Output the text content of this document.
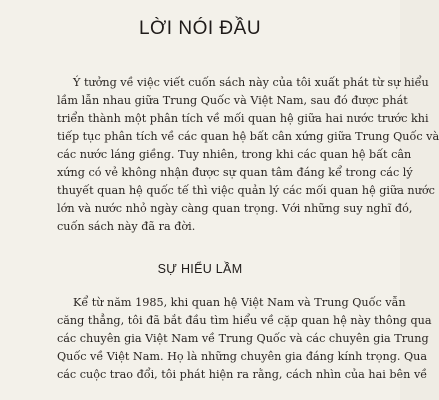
LỜI NÓI ĐẦU
Ý tưởng về việc viết cuốn sách này của tôi xuất phát từ sự hiểu
lầm lẫn nhau giữa Trung Quốc và Việt Nam, sau đó được phát
triển thành một phân tích về mối quan hệ giữa hai nước trước khi
tiếp tục phân tích về các quan hệ bất cân xứng giữa Trung Quốc và
các nước láng giềng. Tuy nhiên, trong khi các quan hệ bất cân
xứng có vẻ không nhận được sự quan tâm đáng kể trong các lý
thuyết quan hệ quốc tế thì việc quản lý các mối quan hệ giữa nước
lớn và nước nhỏ ngày càng quan trọng. Với những suy nghĩ đó,
cuốn sách này đã ra đời.
SỰ HIỂU LẦM
Kể từ năm 1985, khi quan hệ Việt Nam và Trung Quốc vẫn
căng thẳng, tôi đã bắt đầu tìm hiểu về cặp quan hệ này thông qua
các chuyên gia Việt Nam về Trung Quốc và các chuyên gia Trung
Quốc về Việt Nam. Họ là những chuyên gia đáng kính trọng. Qua
các cuộc trao đổi, tôi phát hiện ra rằng, cách nhìn của hai bên về
